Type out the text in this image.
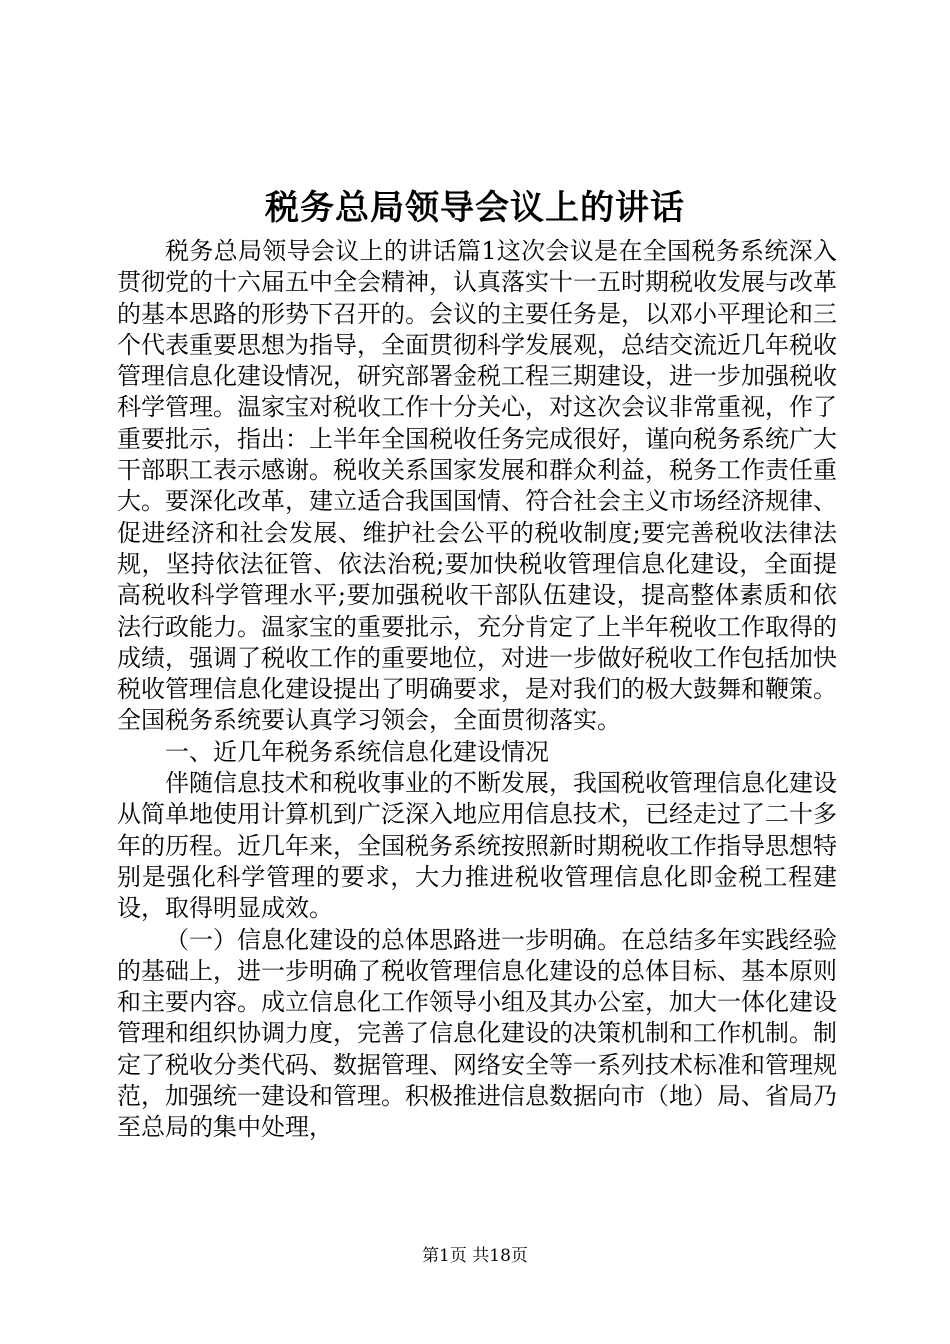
税务总局领导会议上的讲话

税务总局领导会议上的讲话篇1这次会议是在全国税务系统深入贯彻党的十六届五中全会精神，认真落实十一五时期税收发展与改革的基本思路的形势下召开的。会议的主要任务是，以邓小平理论和三个代表重要思想为指导，全面贯彻科学发展观，总结交流近几年税收管理信息化建设情况，研究部署金税工程三期建设，进一步加强税收科学管理。温家宝对税收工作十分关心，对这次会议非常重视，作了重要批示，指出：上半年全国税收任务完成很好，谨向税务系统广大干部职工表示感谢。税收关系国家发展和群众利益，税务工作责任重大。要深化改革，建立适合我国国情、符合社会主义市场经济规律、促进经济和社会发展、维护社会公平的税收制度;要完善税收法律法规，坚持依法征管、依法治税;要加快税收管理信息化建设，全面提高税收科学管理水平;要加强税收干部队伍建设，提高整体素质和依法行政能力。温家宝的重要批示，充分肯定了上半年税收工作取得的成绩，强调了税收工作的重要地位，对进一步做好税收工作包括加快税收管理信息化建设提出了明确要求，是对我们的极大鼓舞和鞭策。全国税务系统要认真学习领会，全面贯彻落实。

一、近几年税务系统信息化建设情况

伴随信息技术和税收事业的不断发展，我国税收管理信息化建设从简单地使用计算机到广泛深入地应用信息技术，已经走过了二十多年的历程。近几年来，全国税务系统按照新时期税收工作指导思想特别是强化科学管理的要求，大力推进税收管理信息化即金税工程建设，取得明显成效。

（一）信息化建设的总体思路进一步明确。在总结多年实践经验的基础上，进一步明确了税收管理信息化建设的总体目标、基本原则和主要内容。成立信息化工作领导小组及其办公室，加大一体化建设管理和组织协调力度，完善了信息化建设的决策机制和工作机制。制定了税收分类代码、数据管理、网络安全等一系列技术标准和管理规范，加强统一建设和管理。积极推进信息数据向市（地）局、省局乃至总局的集中处理，

第1页 共18页
